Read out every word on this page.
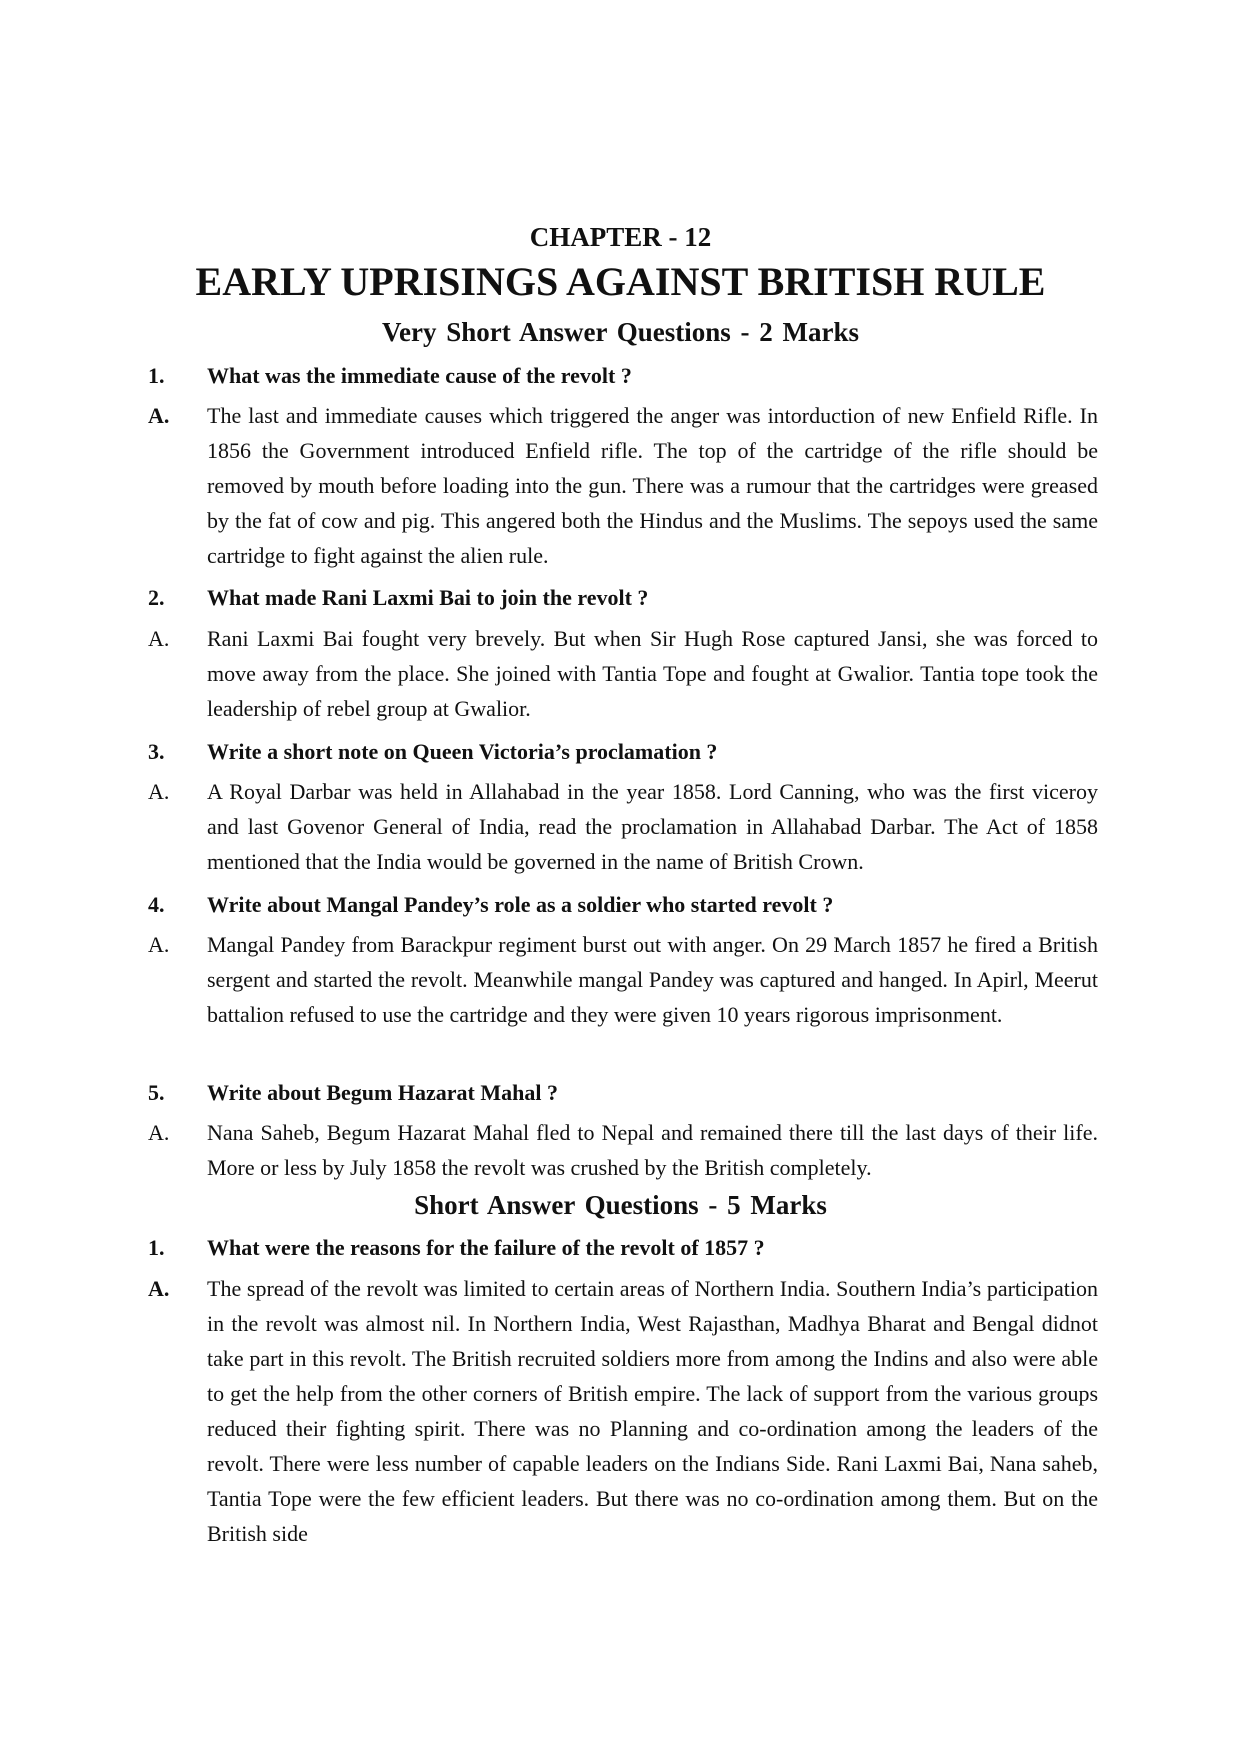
CHAPTER - 12
EARLY UPRISINGS AGAINST BRITISH RULE
Very Short Answer Questions - 2 Marks
1.	What was the immediate cause of the revolt ?
A.	The last and immediate causes which triggered the anger was intorduction of new Enfield Rifle. In 1856 the Government introduced Enfield rifle. The top of the cartridge of the rifle should be removed by mouth before loading into the gun. There was a rumour that the cartridges were greased by the fat of cow and pig. This angered both the Hindus and the Muslims. The sepoys used the same cartridge to fight against the alien rule.
2.	What made Rani Laxmi Bai to join the revolt ?
A.	Rani Laxmi Bai fought very brevely. But when Sir Hugh Rose captured Jansi, she was forced to move away from the place. She joined with Tantia Tope and fought at Gwalior. Tantia tope took the leadership of rebel group at Gwalior.
3.	Write a short note on Queen Victoria’s proclamation ?
A.	A Royal Darbar was held in Allahabad in the year 1858. Lord Canning, who was the first viceroy and last Govenor General of India, read the proclamation in Allahabad Darbar. The Act of 1858 mentioned that the India would be governed in the name of British Crown.
4.	Write about Mangal Pandey’s role as a soldier who started revolt ?
A.	Mangal Pandey from Barackpur regiment burst out with anger. On 29 March 1857 he fired a British sergent and started the revolt. Meanwhile mangal Pandey was captured and hanged. In Apirl, Meerut battalion refused to use the cartridge and they were given 10 years rigorous imprisonment.
5.	Write about Begum Hazarat Mahal ?
A.	Nana Saheb, Begum Hazarat Mahal fled to Nepal and remained there till the last days of their life. More or less by July 1858 the revolt was crushed by the British completely.
Short Answer Questions - 5 Marks
1.	What were the reasons for the failure of the revolt of 1857 ?
A.	The spread of the revolt was limited to certain areas of Northern India. Southern India’s participation in the revolt was almost nil. In Northern India, West Rajasthan, Madhya Bharat and Bengal didnot take part in this revolt. The British recruited soldiers more from among the Indins and also were able to get the help from the other corners of British empire. The lack of support from the various groups reduced their fighting spirit. There was no Planning and co-ordination among the leaders of the revolt. There were less number of capable leaders on the Indians Side. Rani Laxmi Bai, Nana saheb, Tantia Tope were the few efficient leaders. But there was no co-ordination among them. But on the British side
